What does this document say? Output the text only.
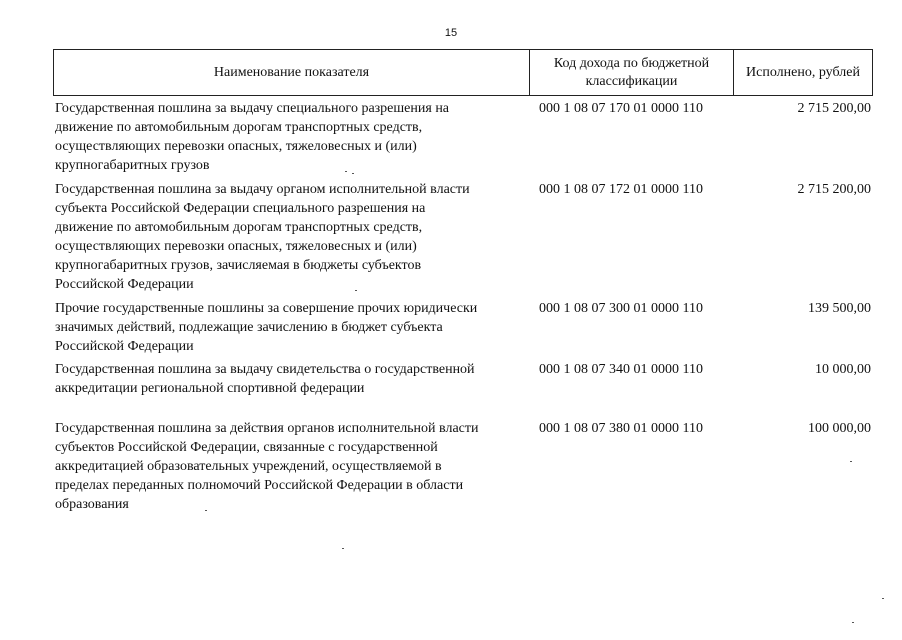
15
Наименование показателя
Код дохода по бюджетной классификации
Исполнено, рублей
Государственная пошлина за выдачу специального разрешения на
движение по автомобильным дорогам транспортных средств,
осуществляющих перевозки опасных, тяжеловесных и (или)
крупногабаритных грузов
000 1 08 07 170 01 0000 110	2 715 200,00
Государственная пошлина за выдачу органом исполнительной власти
субъекта Российской Федерации специального разрешения на
движение по автомобильным дорогам транспортных средств,
осуществляющих перевозки опасных, тяжеловесных и (или)
крупногабаритных грузов, зачисляемая в бюджеты субъектов
Российской Федерации
000 1 08 07 172 01 0000 110	2 715 200,00
Прочие государственные пошлины за совершение прочих юридически
значимых действий, подлежащие зачислению в бюджет субъекта
Российской Федерации
000 1 08 07 300 01 0000 110	139 500,00
Государственная пошлина за выдачу свидетельства о государственной
аккредитации региональной спортивной федерации
000 1 08 07 340 01 0000 110	10 000,00
Государственная пошлина за действия органов исполнительной власти
субъектов Российской Федерации, связанные с государственной
аккредитацией образовательных учреждений, осуществляемой в
пределах переданных полномочий Российской Федерации в области
образования
000 1 08 07 380 01 0000 110	100 000,00
